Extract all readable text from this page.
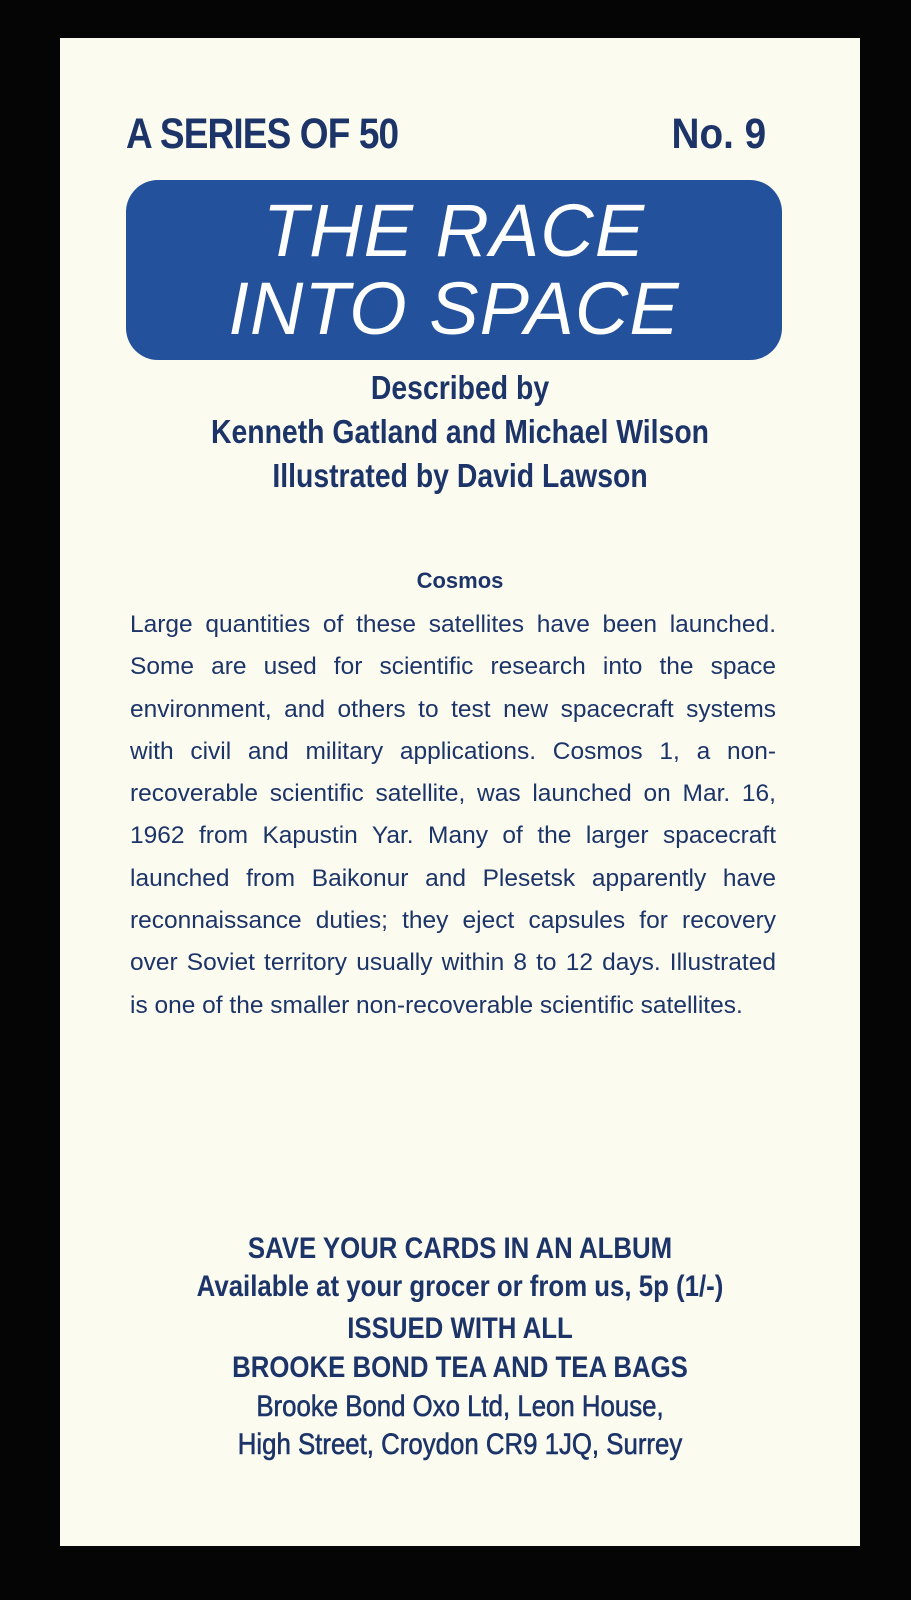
A SERIES OF 50	No. 9
THE RACE
INTO SPACE
Described by
Kenneth Gatland and Michael Wilson
Illustrated by David Lawson
Cosmos
Large quantities of these satellites have been launched. Some are used for scientific research into the space environment, and others to test new spacecraft systems with civil and military applications. Cosmos 1, a non-recoverable scientific satellite, was launched on Mar. 16, 1962 from Kapustin Yar. Many of the larger spacecraft launched from Baikonur and Plesetsk apparently have reconnaissance duties; they eject capsules for recovery over Soviet territory usually within 8 to 12 days. Illustrated is one of the smaller non-recoverable scientific satellites.
SAVE YOUR CARDS IN AN ALBUM
Available at your grocer or from us, 5p (1/-)
ISSUED WITH ALL
BROOKE BOND TEA AND TEA BAGS
Brooke Bond Oxo Ltd, Leon House,
High Street, Croydon CR9 1JQ, Surrey
